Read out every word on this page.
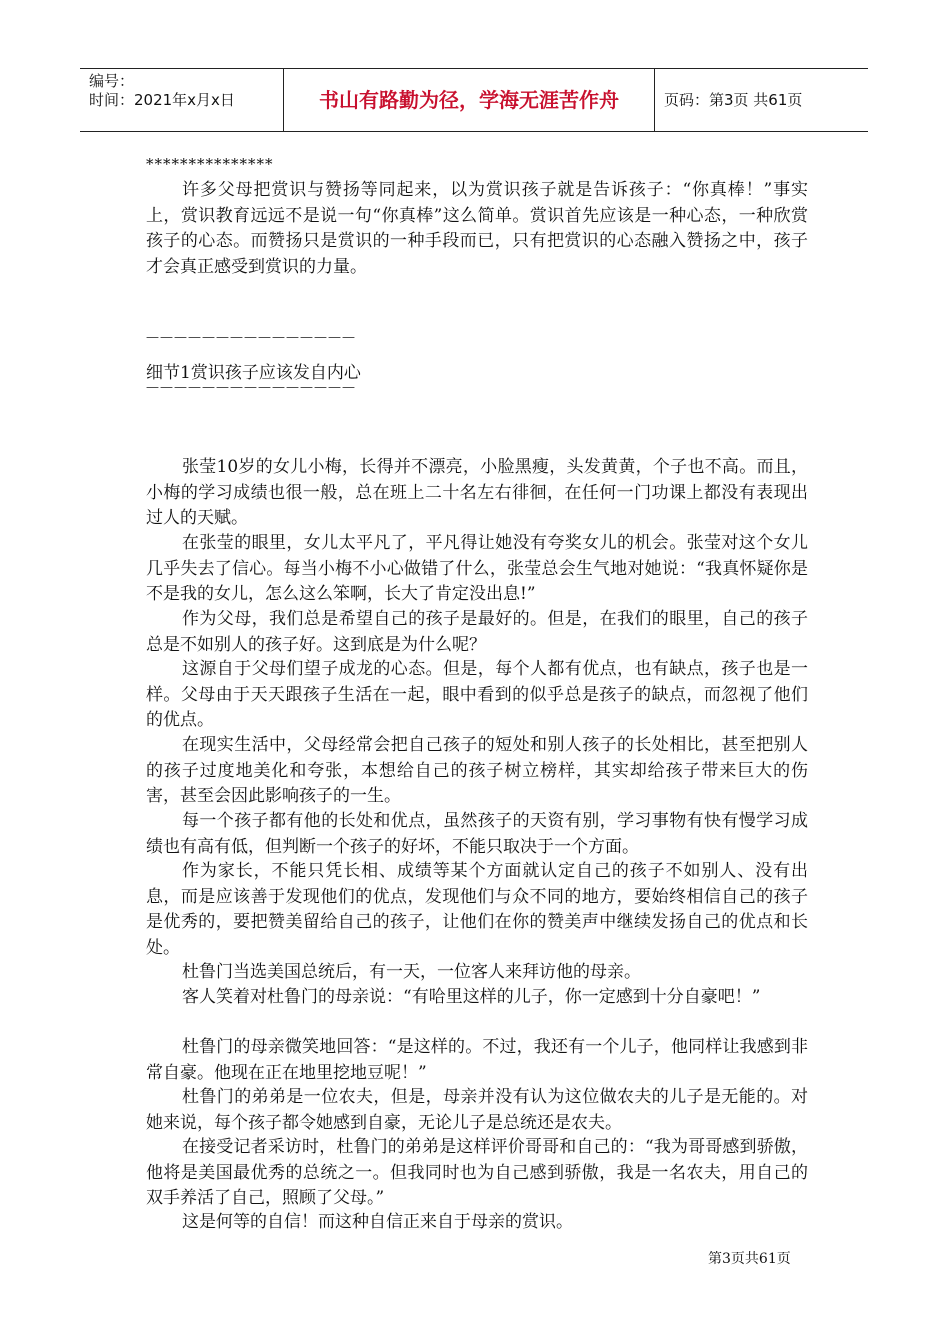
编号：
时间：2021年x月x日	书山有路勤为径，学海无涯苦作舟	页码：第3页 共61页
***************
许多父母把赏识与赞扬等同起来，以为赏识孩子就是告诉孩子：“你真棒！”事实上，赏识教育远远不是说一句“你真棒”这么简单。赏识首先应该是一种心态，一种欣赏孩子的心态。而赞扬只是赏识的一种手段而已，只有把赏识的心态融入赞扬之中，孩子才会真正感受到赏识的力量。
———————————————
细节1赏识孩子应该发自内心
———————————————
张莹10岁的女儿小梅，长得并不漂亮，小脸黑瘦，头发黄黄，个子也不高。而且，小梅的学习成绩也很一般，总在班上二十名左右徘徊，在任何一门功课上都没有表现出过人的天赋。
在张莹的眼里，女儿太平凡了，平凡得让她没有夸奖女儿的机会。张莹对这个女儿几乎失去了信心。每当小梅不小心做错了什么，张莹总会生气地对她说：“我真怀疑你是不是我的女儿，怎么这么笨啊，长大了肯定没出息!”
作为父母，我们总是希望自己的孩子是最好的。但是，在我们的眼里，自己的孩子总是不如别人的孩子好。这到底是为什么呢？
这源自于父母们望子成龙的心态。但是，每个人都有优点，也有缺点，孩子也是一样。父母由于天天跟孩子生活在一起，眼中看到的似乎总是孩子的缺点，而忽视了他们的优点。
在现实生活中，父母经常会把自己孩子的短处和别人孩子的长处相比，甚至把别人的孩子过度地美化和夸张，本想给自己的孩子树立榜样，其实却给孩子带来巨大的伤害，甚至会因此影响孩子的一生。
每一个孩子都有他的长处和优点，虽然孩子的天资有别，学习事物有快有慢学习成绩也有高有低，但判断一个孩子的好坏，不能只取决于一个方面。
作为家长，不能只凭长相、成绩等某个方面就认定自己的孩子不如别人、没有出息，而是应该善于发现他们的优点，发现他们与众不同的地方，要始终相信自己的孩子是优秀的，要把赞美留给自己的孩子，让他们在你的赞美声中继续发扬自己的优点和长处。
杜鲁门当选美国总统后，有一天，一位客人来拜访他的母亲。
客人笑着对杜鲁门的母亲说：“有哈里这样的儿子，你一定感到十分自豪吧！”
杜鲁门的母亲微笑地回答：“是这样的。不过，我还有一个儿子，他同样让我感到非常自豪。他现在正在地里挖地豆呢！”
杜鲁门的弟弟是一位农夫，但是，母亲并没有认为这位做农夫的儿子是无能的。对她来说，每个孩子都令她感到自豪，无论儿子是总统还是农夫。
在接受记者采访时，杜鲁门的弟弟是这样评价哥哥和自己的：“我为哥哥感到骄傲，他将是美国最优秀的总统之一。但我同时也为自己感到骄傲，我是一名农夫，用自己的双手养活了自己，照顾了父母。”
这是何等的自信！而这种自信正来自于母亲的赏识。
第3页共61页
